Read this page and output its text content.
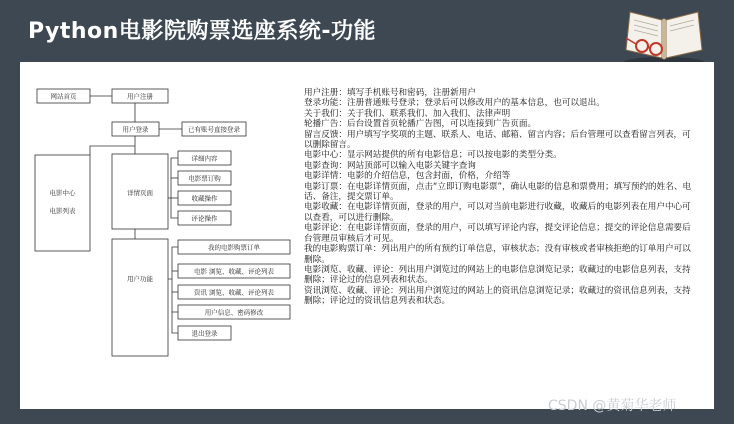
Python电影院购票选座系统-功能
网站首页	用户注册
用户登录	已有账号直接登录
电影中心
电影列表
详情页面
详细内容
电影票订购
收藏操作
评论操作
用户功能
我的电影购票订单
电影 浏览、收藏、评论列表
资讯 浏览、收藏、评论列表
用户信息、密码修改
退出登录

用户注册：填写手机账号和密码，注册新用户

登录功能：注册普通账号登录；登录后可以修改用户的基本信息，也可以退出。

关于我们：关于我们、联系我们、加入我们、法律声明

轮播广告：后台设置首页轮播广告图，可以连接到广告页面。

留言反馈：用户填写字奖项的主题、联系人、电话、邮箱、留言内容；后台管理可以查看留言列表，可以删除留言。

电影中心：显示网站提供的所有电影信息；可以按电影的类型分类。

电影查询：网站顶部可以输入电影关键字查询

电影详情：电影的介绍信息，包含封面，价格，介绍等

电影订票：在电影详情页面，点击“立即订购电影票”，确认电影的信息和票费用；填写预约的姓名、电话、备注，提交票订单。

电影收藏：在电影详情页面，登录的用户，可以对当前电影进行收藏，收藏后的电影列表在用户中心可以查看，可以进行删除。

电影评论：在电影详情页面，登录的用户，可以填写评论内容，提交评论信息；提交的评论信息需要后台管理员审核后才可见。

我的电影购票订单：列出用户的所有预约订单信息，审核状态；没有审核或者审核拒绝的订单用户可以删除。

电影浏览、收藏、评论：列出用户浏览过的网站上的电影信息浏览记录；收藏过的电影信息列表，支持删除；评论过的信息列表和状态。

资讯浏览、收藏、评论：列出用户浏览过的网站上的资讯信息浏览记录；收藏过的资讯信息列表，支持删除；评论过的资讯信息列表和状态。

CSDN @黄菊华老师
